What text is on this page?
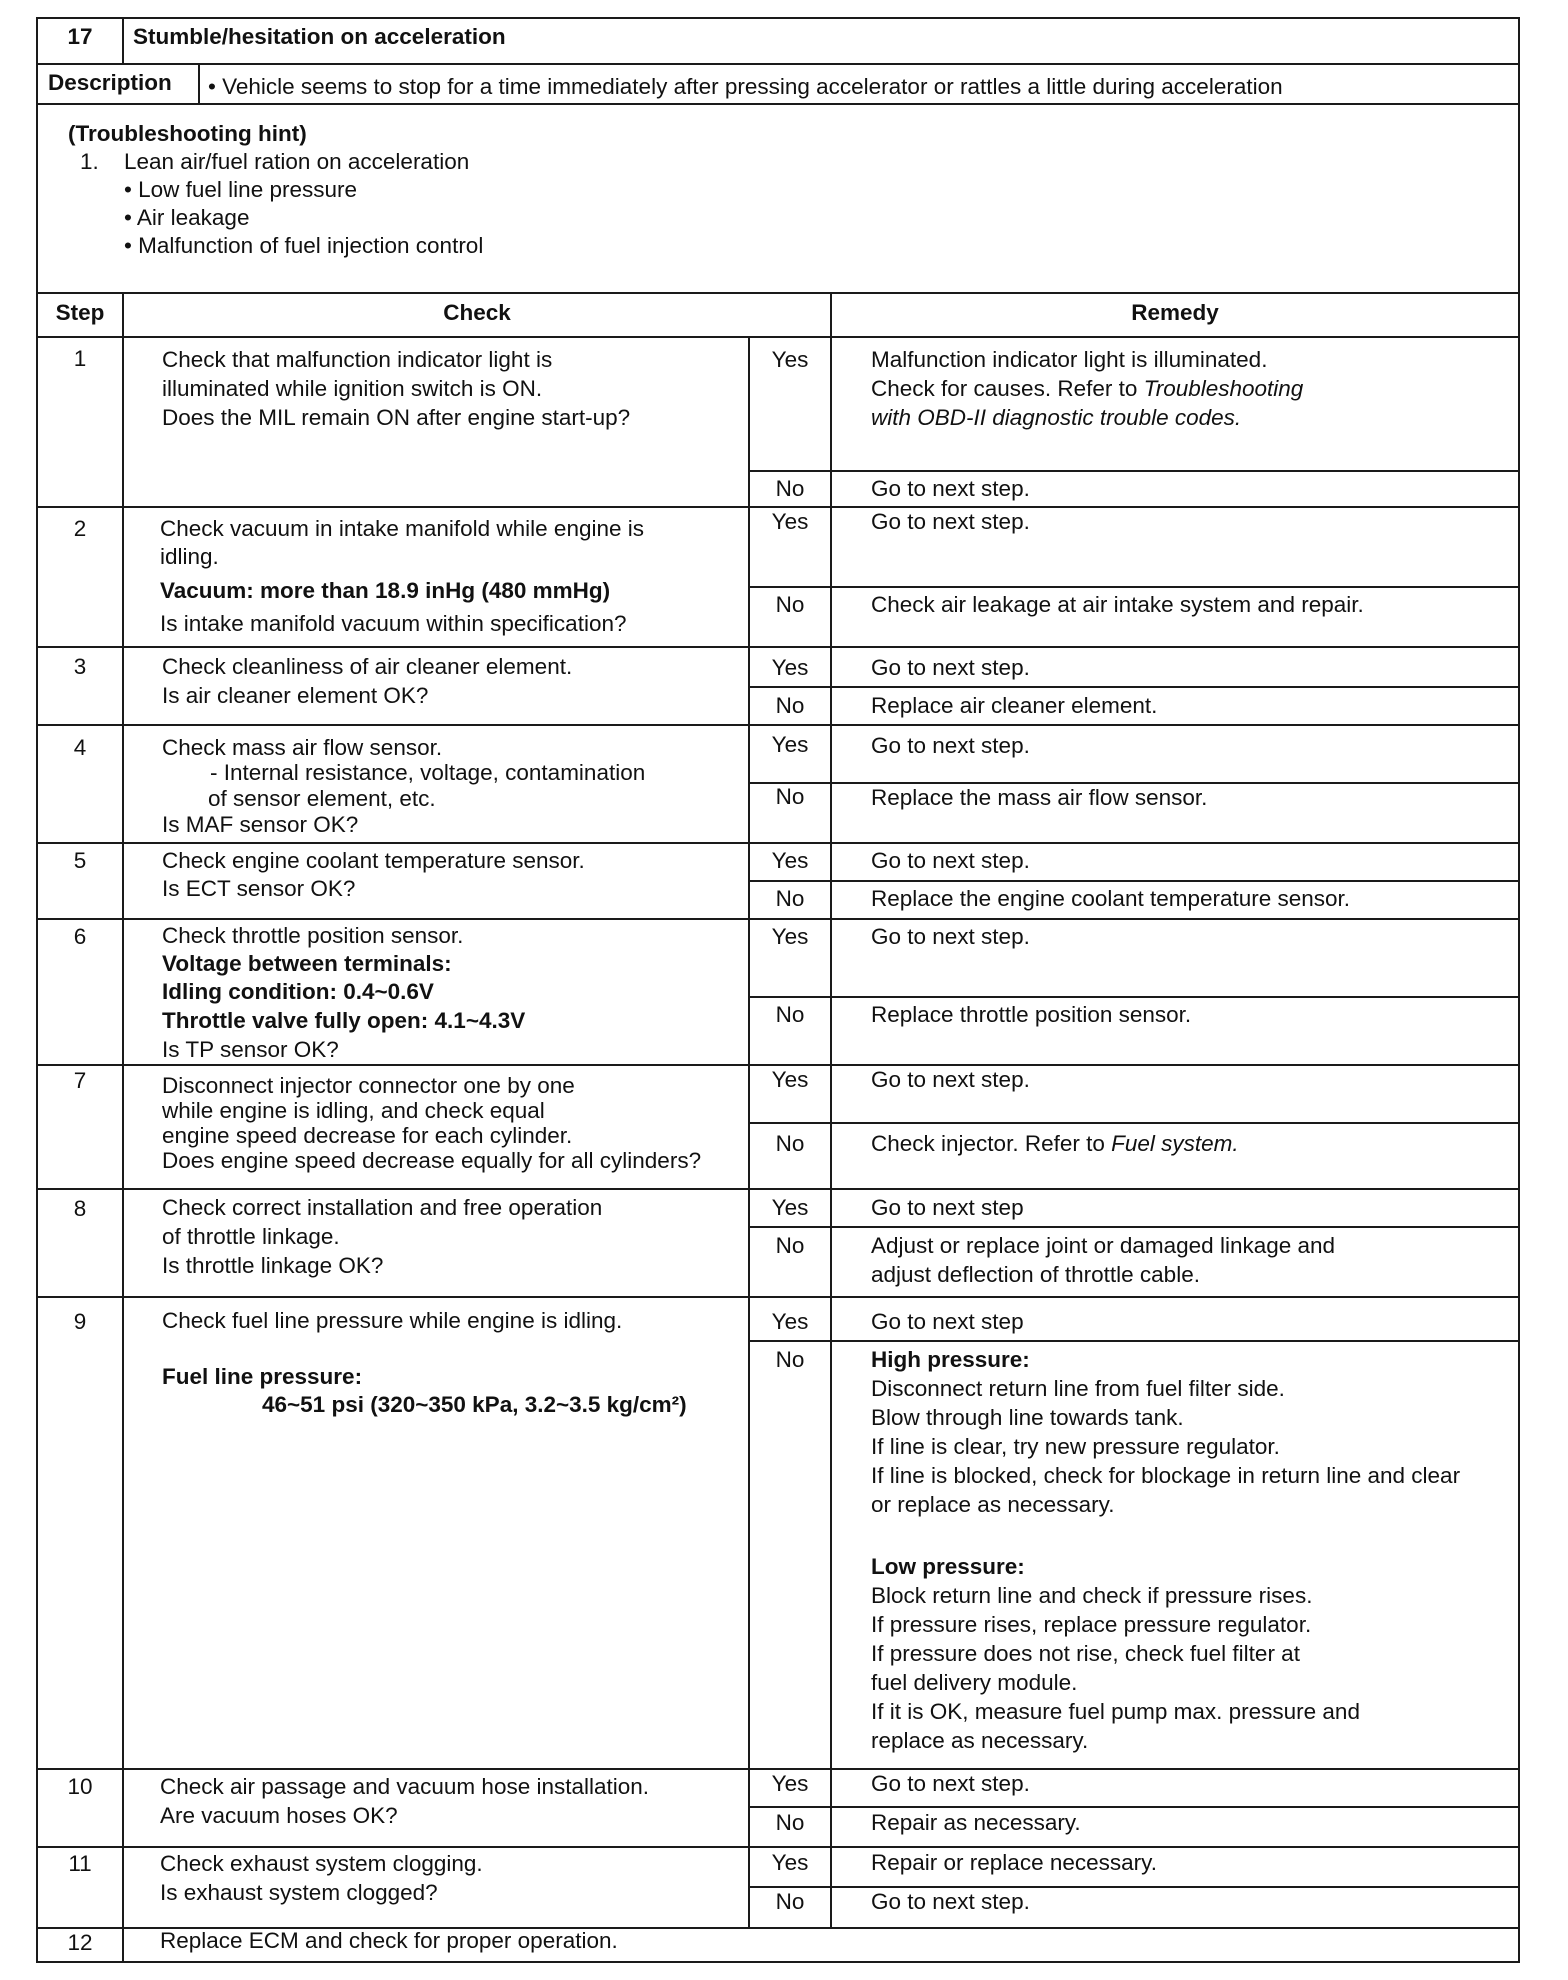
17	Stumble/hesitation on acceleration
Description • Vehicle seems to stop for a time immediately after pressing accelerator or rattles a little during acceleration
(Troubleshooting hint)
1. Lean air/fuel ration on acceleration
• Low fuel line pressure
• Air leakage
• Malfunction of fuel injection control
Step	Check	Remedy
1	Check that malfunction indicator light is
illuminated while ignition switch is ON.
Does the MIL remain ON after engine start-up?
Yes	Malfunction indicator light is illuminated.
Check for causes. Refer to Troubleshooting
with OBD-II diagnostic trouble codes.
No	Go to next step.
2	Check vacuum in intake manifold while engine is
idling.
Vacuum: more than 18.9 inHg (480 mmHg)
Is intake manifold vacuum within specification?
Yes	Go to next step.
No	Check air leakage at air intake system and repair.
3	Check cleanliness of air cleaner element.
Is air cleaner element OK?
Yes	Go to next step.
No	Replace air cleaner element.
4	Check mass air flow sensor.
- Internal resistance, voltage, contamination
of sensor element, etc.
Is MAF sensor OK?
Yes	Go to next step.
No	Replace the mass air flow sensor.
5	Check engine coolant temperature sensor.
Is ECT sensor OK?
Yes	Go to next step.
No	Replace the engine coolant temperature sensor.
6	Check throttle position sensor.
Voltage between terminals:
Idling condition: 0.4~0.6V
Throttle valve fully open: 4.1~4.3V
Is TP sensor OK?
Yes	Go to next step.
No	Replace throttle position sensor.
7	Disconnect injector connector one by one
while engine is idling, and check equal
engine speed decrease for each cylinder.
Does engine speed decrease equally for all cylinders?
Yes	Go to next step.
No	Check injector. Refer to Fuel system.
8	Check correct installation and free operation
of throttle linkage.
Is throttle linkage OK?
Yes	Go to next step
No	Adjust or replace joint or damaged linkage and
adjust deflection of throttle cable.
9	Check fuel line pressure while engine is idling.
Fuel line pressure:
46~51 psi (320~350 kPa, 3.2~3.5 kg/cm²)
Yes	Go to next step
No	High pressure:
Disconnect return line from fuel filter side.
Blow through line towards tank.
If line is clear, try new pressure regulator.
If line is blocked, check for blockage in return line and clear
or replace as necessary.
Low pressure:
Block return line and check if pressure rises.
If pressure rises, replace pressure regulator.
If pressure does not rise, check fuel filter at
fuel delivery module.
If it is OK, measure fuel pump max. pressure and
replace as necessary.
10	Check air passage and vacuum hose installation.
Are vacuum hoses OK?
Yes	Go to next step.
No	Repair as necessary.
11	Check exhaust system clogging.
Is exhaust system clogged?
Yes	Repair or replace necessary.
No	Go to next step.
12	Replace ECM and check for proper operation.
